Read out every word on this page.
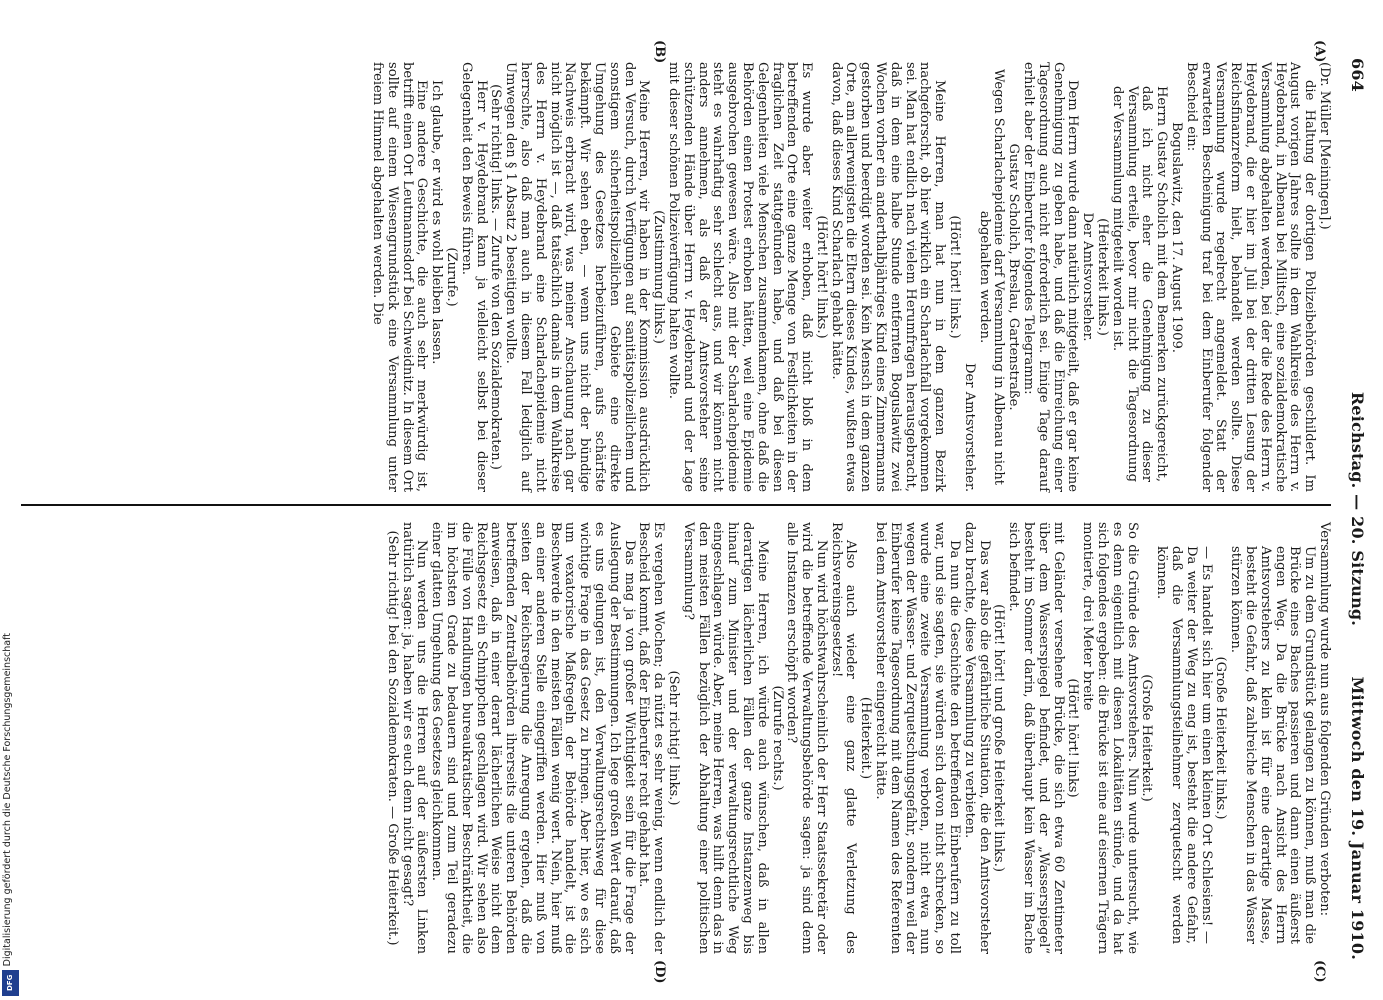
664
Reichstag. — 20. Sitzung.
Mittwoch den 19. Januar 1910.
(A)
(B)
(C)
(D)

(Dr. Müller [Meiningen].)

die Haltung der dortigen Polizeibehörden geschildert. Im August vorigen Jahres sollte in dem Wahlkreise des Herrn v. Heydebrand, in Albenau bei Militsch, eine sozialdemokratische Versammlung abgehalten werden, bei der die Rede des Herrn v. Heydebrand, die er hier im Juli bei der dritten Lesung der Reichsfinanzreform hielt, behandelt werden sollte. Diese Versammlung wurde regelrecht angemeldet. Statt der erwarteten Bescheinigung traf bei dem Einberufer folgender Bescheid ein:

Boguslawitz, den 17. August 1909.

Herrn Gustav Scholich mit dem Bemerken zurückgereicht, daß ich nicht eher die Genehmigung zu dieser Versammlung erteile, bevor mir nicht die Tagesordnung der Versammlung mitgeteilt worden ist.

(Heiterkeit links.)

Der Amtsvorsteher.

Dem Herrn wurde dann natürlich mitgeteilt, daß er gar keine Genehmigung zu geben habe, und daß die Einreichung einer Tagesordnung auch nicht erforderlich sei. Einige Tage darauf erhielt aber der Einberufer folgendes Telegramm:

Gustav Scholich, Breslau, Gartenstraße.

Wegen Scharlachepidemie darf Versammlung in Albenau nicht abgehalten werden.

Der Amtsvorsteher.

(Hört! hört! links.)

Meine Herren, man hat nun in dem ganzen Bezirk nachgeforscht, ob hier wirklich ein Scharlachfall vorgekommen sei. Man hat endlich nach vielem Herumfragen herausgebracht, daß in dem eine halbe Stunde entfernten Boguslawitz zwei Wochen vorher ein anderthalbjähriges Kind eines Zimmermanns gestorben und beerdigt worden sei. Kein Mensch in dem ganzen Orte, am allerwenigsten die Eltern dieses Kindes, wußten etwas davon, daß dieses Kind Scharlach gehabt hätte.

(Hört! hört! links.)

Es wurde aber weiter erhoben, daß nicht bloß in dem betreffenden Orte eine ganze Menge von Festlichkeiten in der fraglichen Zeit stattgefunden habe, und daß bei diesen Gelegenheiten viele Menschen zusammenkamen, ohne daß die Behörden einen Protest erhoben hätten, weil eine Epidemie ausgebrochen gewesen wäre. Also mit der Scharlachepidemie steht es wahrhaftig sehr schlecht aus, und wir können nicht anders annehmen, als daß der Amtsvorsteher seine schützenden Hände über Herrn v. Heydebrand und der Lage mit dieser schönen Polizeiverfügung halten wollte.

(Zustimmung links.)

Meine Herren, wir haben in der Kommission ausdrücklich den Versuch, durch Verfügungen auf sanitätspolizeilichem und sonstigem sicherheitspolizeilichen Gebiete eine direkte Umgehung des Gesetzes herbeizuführen, aufs schärfste bekämpft. Wir sehen eben, — wenn uns nicht der bündige Nachweis erbracht wird, was meiner Anschauung nach gar nicht möglich ist —, daß tatsächlich damals in dem Wahlkreise des Herrn v. Heydebrand eine Scharlachepidemie nicht herrschte, also daß man auch in diesem Fall lediglich auf Umwegen den § 1 Absatz 2 beseitigen wollte.

(Sehr richtig! links. — Zurufe von den Sozialdemokraten.)

Herr v. Heydebrand kann ja vielleicht selbst bei dieser Gelegenheit den Beweis führen.

(Zurufe.)

Ich glaube, er wird es wohl bleiben lassen.

Eine andere Geschichte, die auch sehr merkwürdig ist, betrifft einen Ort Leutmannsdorf bei Schweidnitz. In diesem Ort sollte auf einem Wiesengrundstück eine Versammlung unter freiem Himmel abgehalten werden. Die

Versammlung wurde nun aus folgenden Gründen verboten:

Um zu dem Grundstück gelangen zu können, muß man die Brücke eines Baches passieren und dann einen äußerst engen Weg. Da die Brücke nach Ansicht des Herrn Amtsvorstehers zu klein ist für eine derartige Masse, besteht die Gefahr, daß zahlreiche Menschen in das Wasser stürzen können.

(Große Heiterkeit links.)

— Es handelt sich hier um einen kleinen Ort Schlesiens! — Da weiter der Weg zu eng ist, besteht die andere Gefahr, daß die Versammlungsteilnehmer zerquetscht werden können.

(Große Heiterkeit.)

So die Gründe des Amtsvorstehers. Nun wurde untersucht, wie es denn eigentlich mit diesen Lokalitäten stünde, und da hat sich folgendes ergeben: die Brücke ist eine auf eisernen Trägern montierte, drei Meter breite

(Hört! hört! links)

mit Geländer versehene Brücke, die sich etwa 60 Zentimeter über dem Wasserspiegel befindet, und der „Wasserspiegel“ besteht im Sommer darin, daß überhaupt kein Wasser im Bache sich befindet.

(Hört! hört! und große Heiterkeit links.)

Das war also die gefährliche Situation, die den Amtsvorsteher dazu brachte, diese Versammlung zu verbieten.

Da nun die Geschichte den betreffenden Einberufern zu toll war, und sie sagten, sie würden sich davon nicht schrecken, so wurde eine zweite Versammlung verboten, nicht etwa nun wegen der Wasser- und Zerquetschungsgefahr, sondern weil der Einberufer keine Tagesordnung mit dem Namen des Referenten bei dem Amtsvorsteher eingereicht hätte.

(Heiterkeit.)

Also auch wieder eine ganz glatte Verletzung des Reichsvereinsgesetzes!

Nun wird höchstwahrscheinlich der Herr Staatssekretär oder wird die betreffende Verwaltungsbehörde sagen: ja sind denn alle Instanzen erschöpft worden?

(Zurufe rechts.)

Meine Herren, ich würde auch wünschen, daß in allen derartigen lächerlichen Fällen der ganze Instanzenweg bis hinauf zum Minister und der verwaltungsrechtliche Weg eingeschlagen würde. Aber, meine Herren, was hilft denn das in den meisten Fällen bezüglich der Abhaltung einer politischen Versammlung?

(Sehr richtig! links.)

Es vergehen Wochen; da nützt es sehr wenig, wenn endlich der Bescheid kommt, daß der Einberufer recht gehabt hat.

Das mag ja von großer Wichtigkeit sein für die Frage der Auslegung der Bestimmungen. Ich lege großen Wert darauf, daß es uns gelungen ist, den Verwaltungsrechtsweg für diese wichtige Frage in das Gesetz zu bringen. Aber hier, wo es sich um vexatorische Maßregeln der Behörde handelt, ist die Beschwerde in den meisten Fällen wenig wert. Nein, hier muß an einer anderen Stelle eingegriffen werden. Hier muß von seiten der Reichsregierung die Anregung ergehen, daß die betreffenden Zentralbehörden ihrerseits die unteren Behörden anweisen, daß in einer derart lächerlichen Weise nicht dem Reichsgesetz ein Schnippchen geschlagen wird. Wir sehen also die Fülle von Handlungen bureaukratischer Beschränktheit, die im höchsten Grade zu bedauern sind und zum Teil geradezu einer glatten Umgehung des Gesetzes gleichkommen.

Nun werden uns die Herren auf der äußersten Linken natürlich sagen: ja, haben wir es euch denn nicht gesagt?

(Sehr richtig! bei den Sozialdemokraten. — Große Heiterkeit.)

Digitalisierung gefördert durch die Deutsche Forschungsgemeinschaft
DFG
